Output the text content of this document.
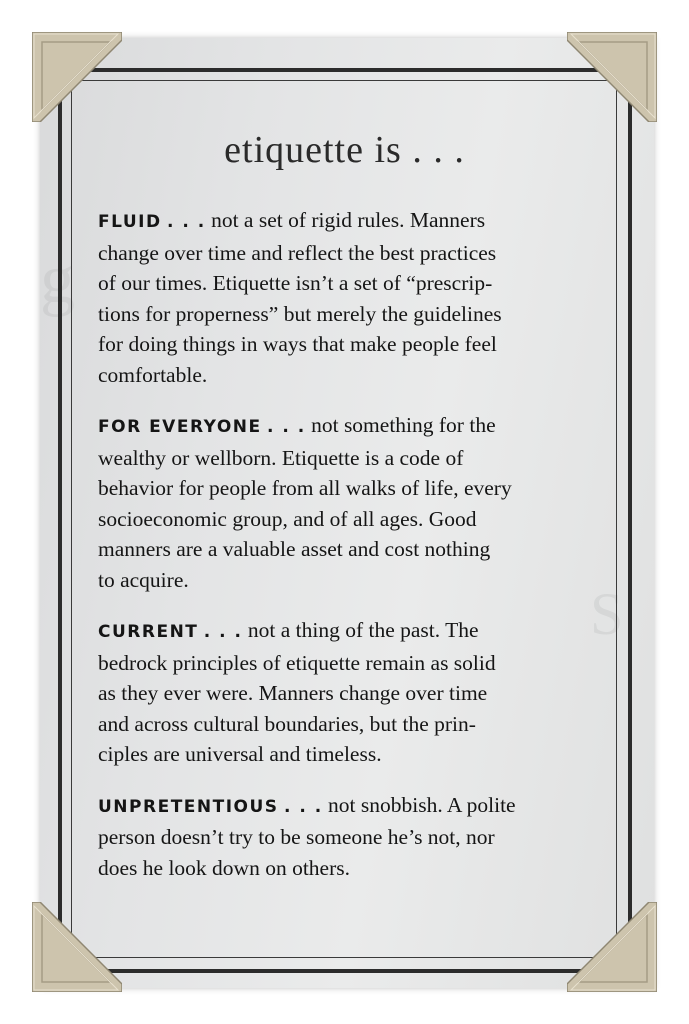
g
S
etiquette is . . .
FLUID . . . not a set of rigid rules. Manners
change over time and reflect the best practices
of our times. Etiquette isn’t a set of “prescrip-
tions for properness” but merely the guidelines
for doing things in ways that make people feel
comfortable.
FOR EVERYONE . . . not something for the
wealthy or wellborn. Etiquette is a code of
behavior for people from all walks of life, every
socioeconomic group, and of all ages. Good
manners are a valuable asset and cost nothing
to acquire.
CURRENT . . . not a thing of the past. The
bedrock principles of etiquette remain as solid
as they ever were. Manners change over time
and across cultural boundaries, but the prin-
ciples are universal and timeless.
UNPRETENTIOUS . . . not snobbish. A polite
person doesn’t try to be someone he’s not, nor
does he look down on others.
